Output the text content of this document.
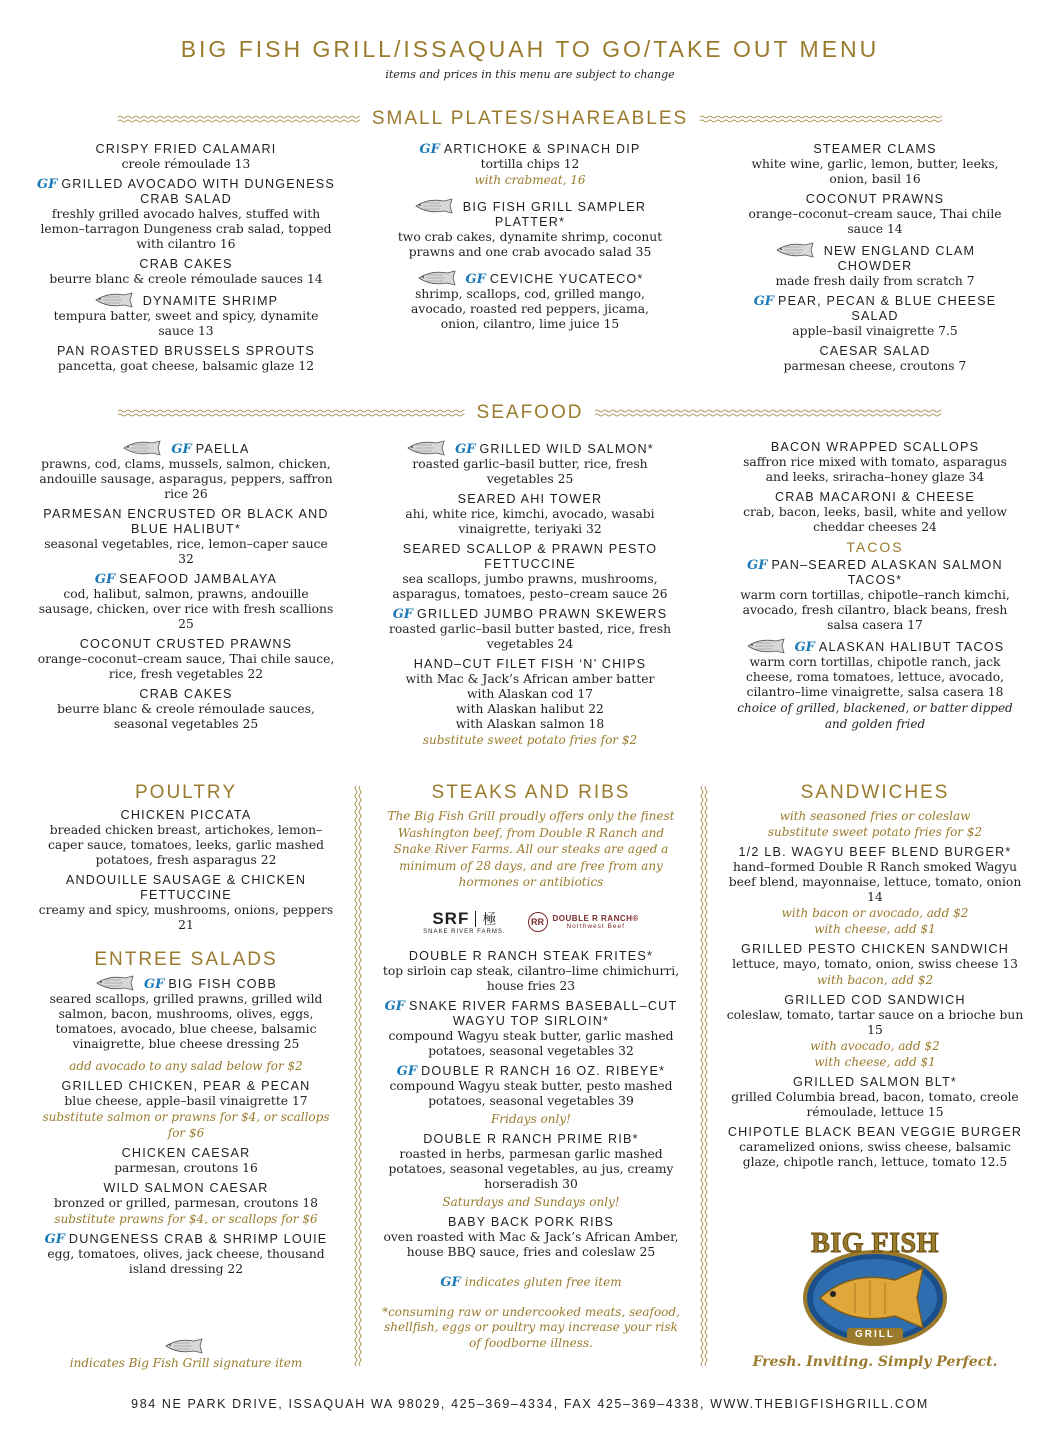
BIG FISH GRILL/ISSAQUAH TO GO/TAKE OUT MENU
items and prices in this menu are subject to change
SMALL PLATES/SHAREABLES
CRISPY FRIED CALAMARI
creole rémoulade 13
GF GRILLED AVOCADO WITH DUNGENESS CRAB SALAD
freshly grilled avocado halves, stuffed with lemon–tarragon Dungeness crab salad, topped with cilantro 16
CRAB CAKES
beurre blanc & creole rémoulade sauces 14
DYNAMITE SHRIMP
tempura batter, sweet and spicy, dynamite sauce 13
PAN ROASTED BRUSSELS SPROUTS
pancetta, goat cheese, balsamic glaze 12
GF ARTICHOKE & SPINACH DIP
tortilla chips 12
with crabmeat, 16
BIG FISH GRILL SAMPLER PLATTER*
two crab cakes, dynamite shrimp, coconut prawns and one crab avocado salad 35
GF CEVICHE YUCATECO*
shrimp, scallops, cod, grilled mango, avocado, roasted red peppers, jicama, onion, cilantro, lime juice 15
STEAMER CLAMS
white wine, garlic, lemon, butter, leeks, onion, basil 16
COCONUT PRAWNS
orange–coconut–cream sauce, Thai chile sauce 14
NEW ENGLAND CLAM CHOWDER
made fresh daily from scratch 7
GF PEAR, PECAN & BLUE CHEESE SALAD
apple–basil vinaigrette 7.5
CAESAR SALAD
parmesan cheese, croutons 7
SEAFOOD
GF PAELLA
prawns, cod, clams, mussels, salmon, chicken, andouille sausage, asparagus, peppers, saffron rice 26
PARMESAN ENCRUSTED OR BLACK AND BLUE HALIBUT*
seasonal vegetables, rice, lemon–caper sauce 32
GF SEAFOOD JAMBALAYA
cod, halibut, salmon, prawns, andouille sausage, chicken, over rice with fresh scallions 25
COCONUT CRUSTED PRAWNS
orange–coconut–cream sauce, Thai chile sauce, rice, fresh vegetables 22
CRAB CAKES
beurre blanc & creole rémoulade sauces, seasonal vegetables 25
GF GRILLED WILD SALMON*
roasted garlic–basil butter, rice, fresh vegetables 25
SEARED AHI TOWER
ahi, white rice, kimchi, avocado, wasabi vinaigrette, teriyaki 32
SEARED SCALLOP & PRAWN PESTO FETTUCCINE
sea scallops, jumbo prawns, mushrooms, asparagus, tomatoes, pesto–cream sauce 26
GF GRILLED JUMBO PRAWN SKEWERS
roasted garlic–basil butter basted, rice, fresh vegetables 24
HAND–CUT FILET FISH ‘N’ CHIPS
with Mac & Jack’s African amber batter
with Alaskan cod 17
with Alaskan halibut 22
with Alaskan salmon 18
substitute sweet potato fries for $2
BACON WRAPPED SCALLOPS
saffron rice mixed with tomato, asparagus and leeks, sriracha–honey glaze 34
CRAB MACARONI & CHEESE
crab, bacon, leeks, basil, white and yellow cheddar cheeses 24
TACOS
GF PAN–SEARED ALASKAN SALMON TACOS*
warm corn tortillas, chipotle–ranch kimchi, avocado, fresh cilantro, black beans, fresh salsa casera 17
GF ALASKAN HALIBUT TACOS
warm corn tortillas, chipotle ranch, jack cheese, roma tomatoes, lettuce, avocado, cilantro–lime vinaigrette, salsa casera 18
choice of grilled, blackened, or batter dipped and golden fried
POULTRY
CHICKEN PICCATA
breaded chicken breast, artichokes, lemon–caper sauce, tomatoes, leeks, garlic mashed potatoes, fresh asparagus 22
ANDOUILLE SAUSAGE & CHICKEN FETTUCCINE
creamy and spicy, mushrooms, onions, peppers 21
ENTREE SALADS
GF BIG FISH COBB
seared scallops, grilled prawns, grilled wild salmon, bacon, mushrooms, olives, eggs, tomatoes, avocado, blue cheese, balsamic vinaigrette, blue cheese dressing 25
add avocado to any salad below for $2
GRILLED CHICKEN, PEAR & PECAN
blue cheese, apple–basil vinaigrette 17
substitute salmon or prawns for $4, or scallops for $6
CHICKEN CAESAR
parmesan, croutons 16
WILD SALMON CAESAR
bronzed or grilled, parmesan, croutons 18
substitute prawns for $4, or scallops for $6
GF DUNGENESS CRAB & SHRIMP LOUIE
egg, tomatoes, olives, jack cheese, thousand island dressing 22
indicates Big Fish Grill signature item
STEAKS AND RIBS
The Big Fish Grill proudly offers only the finest Washington beef, from Double R Ranch and Snake River Farms. All our steaks are aged a minimum of 28 days, and are free from any hormones or antibiotics
SRF 極
SNAKE RIVER FARMS.
RR	DOUBLE R RANCH®
Northwest Beef
DOUBLE R RANCH STEAK FRITES*
top sirloin cap steak, cilantro–lime chimichurri, house fries 23
GF SNAKE RIVER FARMS BASEBALL–CUT WAGYU TOP SIRLOIN*
compound Wagyu steak butter, garlic mashed potatoes, seasonal vegetables 32
GF DOUBLE R RANCH 16 OZ. RIBEYE*
compound Wagyu steak butter, pesto mashed potatoes, seasonal vegetables 39
Fridays only!
DOUBLE R RANCH PRIME RIB*
roasted in herbs, parmesan garlic mashed potatoes, seasonal vegetables, au jus, creamy horseradish 30
Saturdays and Sundays only!
BABY BACK PORK RIBS
oven roasted with Mac & Jack’s African Amber, house BBQ sauce, fries and coleslaw 25
GF indicates gluten free item
*consuming raw or undercooked meats, seafood, shellfish, eggs or poultry may increase your risk of foodborne illness.
SANDWICHES
with seasoned fries or coleslaw
substitute sweet potato fries for $2
1/2 LB. WAGYU BEEF BLEND BURGER*
hand–formed Double R Ranch smoked Wagyu beef blend, mayonnaise, lettuce, tomato, onion 14
with bacon or avocado, add $2
with cheese, add $1
GRILLED PESTO CHICKEN SANDWICH
lettuce, mayo, tomato, onion, swiss cheese 13
with bacon, add $2
GRILLED COD SANDWICH
coleslaw, tomato, tartar sauce on a brioche bun 15
with avocado, add $2
with cheese, add $1
GRILLED SALMON BLT*
grilled Columbia bread, bacon, tomato, creole rémoulade, lettuce 15
CHIPOTLE BLACK BEAN VEGGIE BURGER
caramelized onions, swiss cheese, balsamic glaze, chipotle ranch, lettuce, tomato 12.5
BIG FISH
GRILL
Fresh. Inviting. Simply Perfect.
984 NE PARK DRIVE, ISSAQUAH WA 98029, 425–369–4334, FAX 425–369–4338, WWW.THEBIGFISHGRILL.COM
